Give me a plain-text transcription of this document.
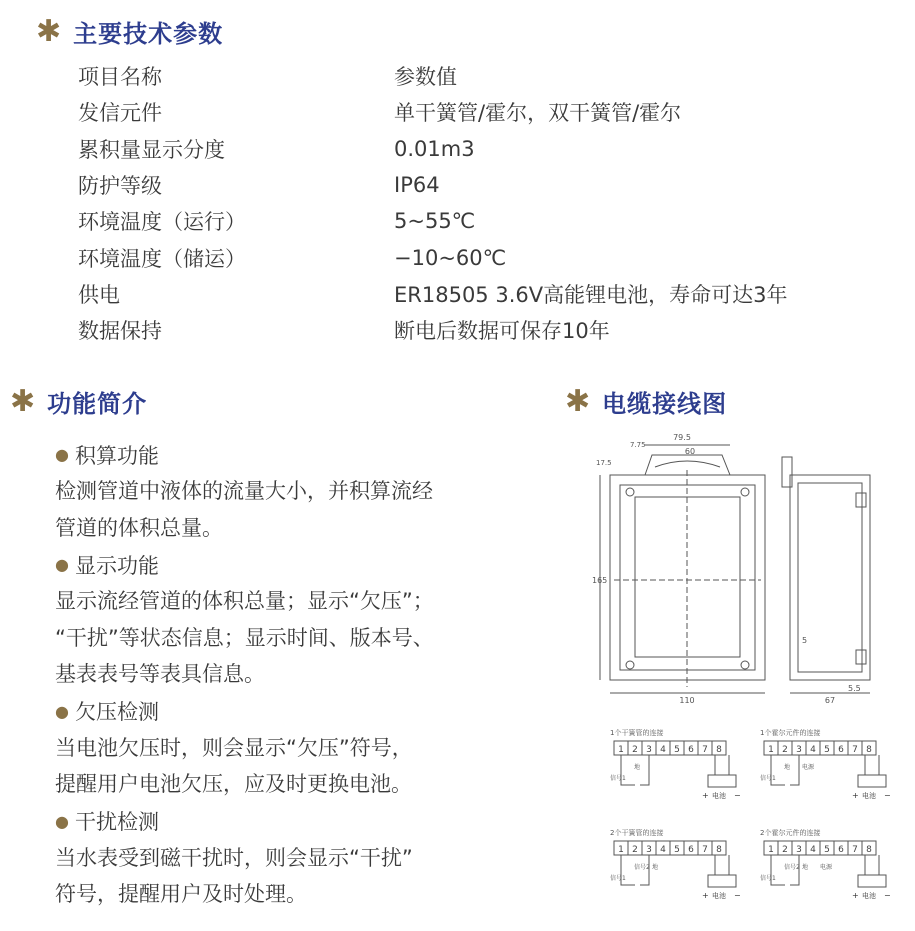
✱ 主要技术参数
项目名称	参数值
发信元件	单干簧管/霍尔，双干簧管/霍尔
累积量显示分度	0.01m3
防护等级	IP64
环境温度（运行）	5~55℃
环境温度（储运）	−10~60℃
供电	ER18505 3.6V高能锂电池，寿命可达3年
数据保持	断电后数据可保存10年
✱ 功能简介
● 积算功能
检测管道中液体的流量大小，并积算流经
管道的体积总量。
● 显示功能
显示流经管道的体积总量；显示“欠压”；
“干扰”等状态信息；显示时间、版本号、
基表表号等表具信息。
● 欠压检测
当电池欠压时，则会显示“欠压”符号，
提醒用户电池欠压，应及时更换电池。
● 干扰检测
当水表受到磁干扰时，则会显示“干扰”
符号，提醒用户及时处理。
✱ 电缆接线图
79.5
60
17.5
7.75
165
110	67
5.5
5
1个干簧管的连接
1 2 3 4 5 6 7 8
信号1
地
+ 电池 −
1个霍尔元件的连接
1 2 3 4 5 6 7 8
信号1
地 电源
+ 电池 −
2个干簧管的连接
1 2 3 4 5 6 7 8
信号1
信号2 地
+ 电池 −
2个霍尔元件的连接
1 2 3 4 5 6 7 8
信号1
信号2 地 电源
+ 电池 −
